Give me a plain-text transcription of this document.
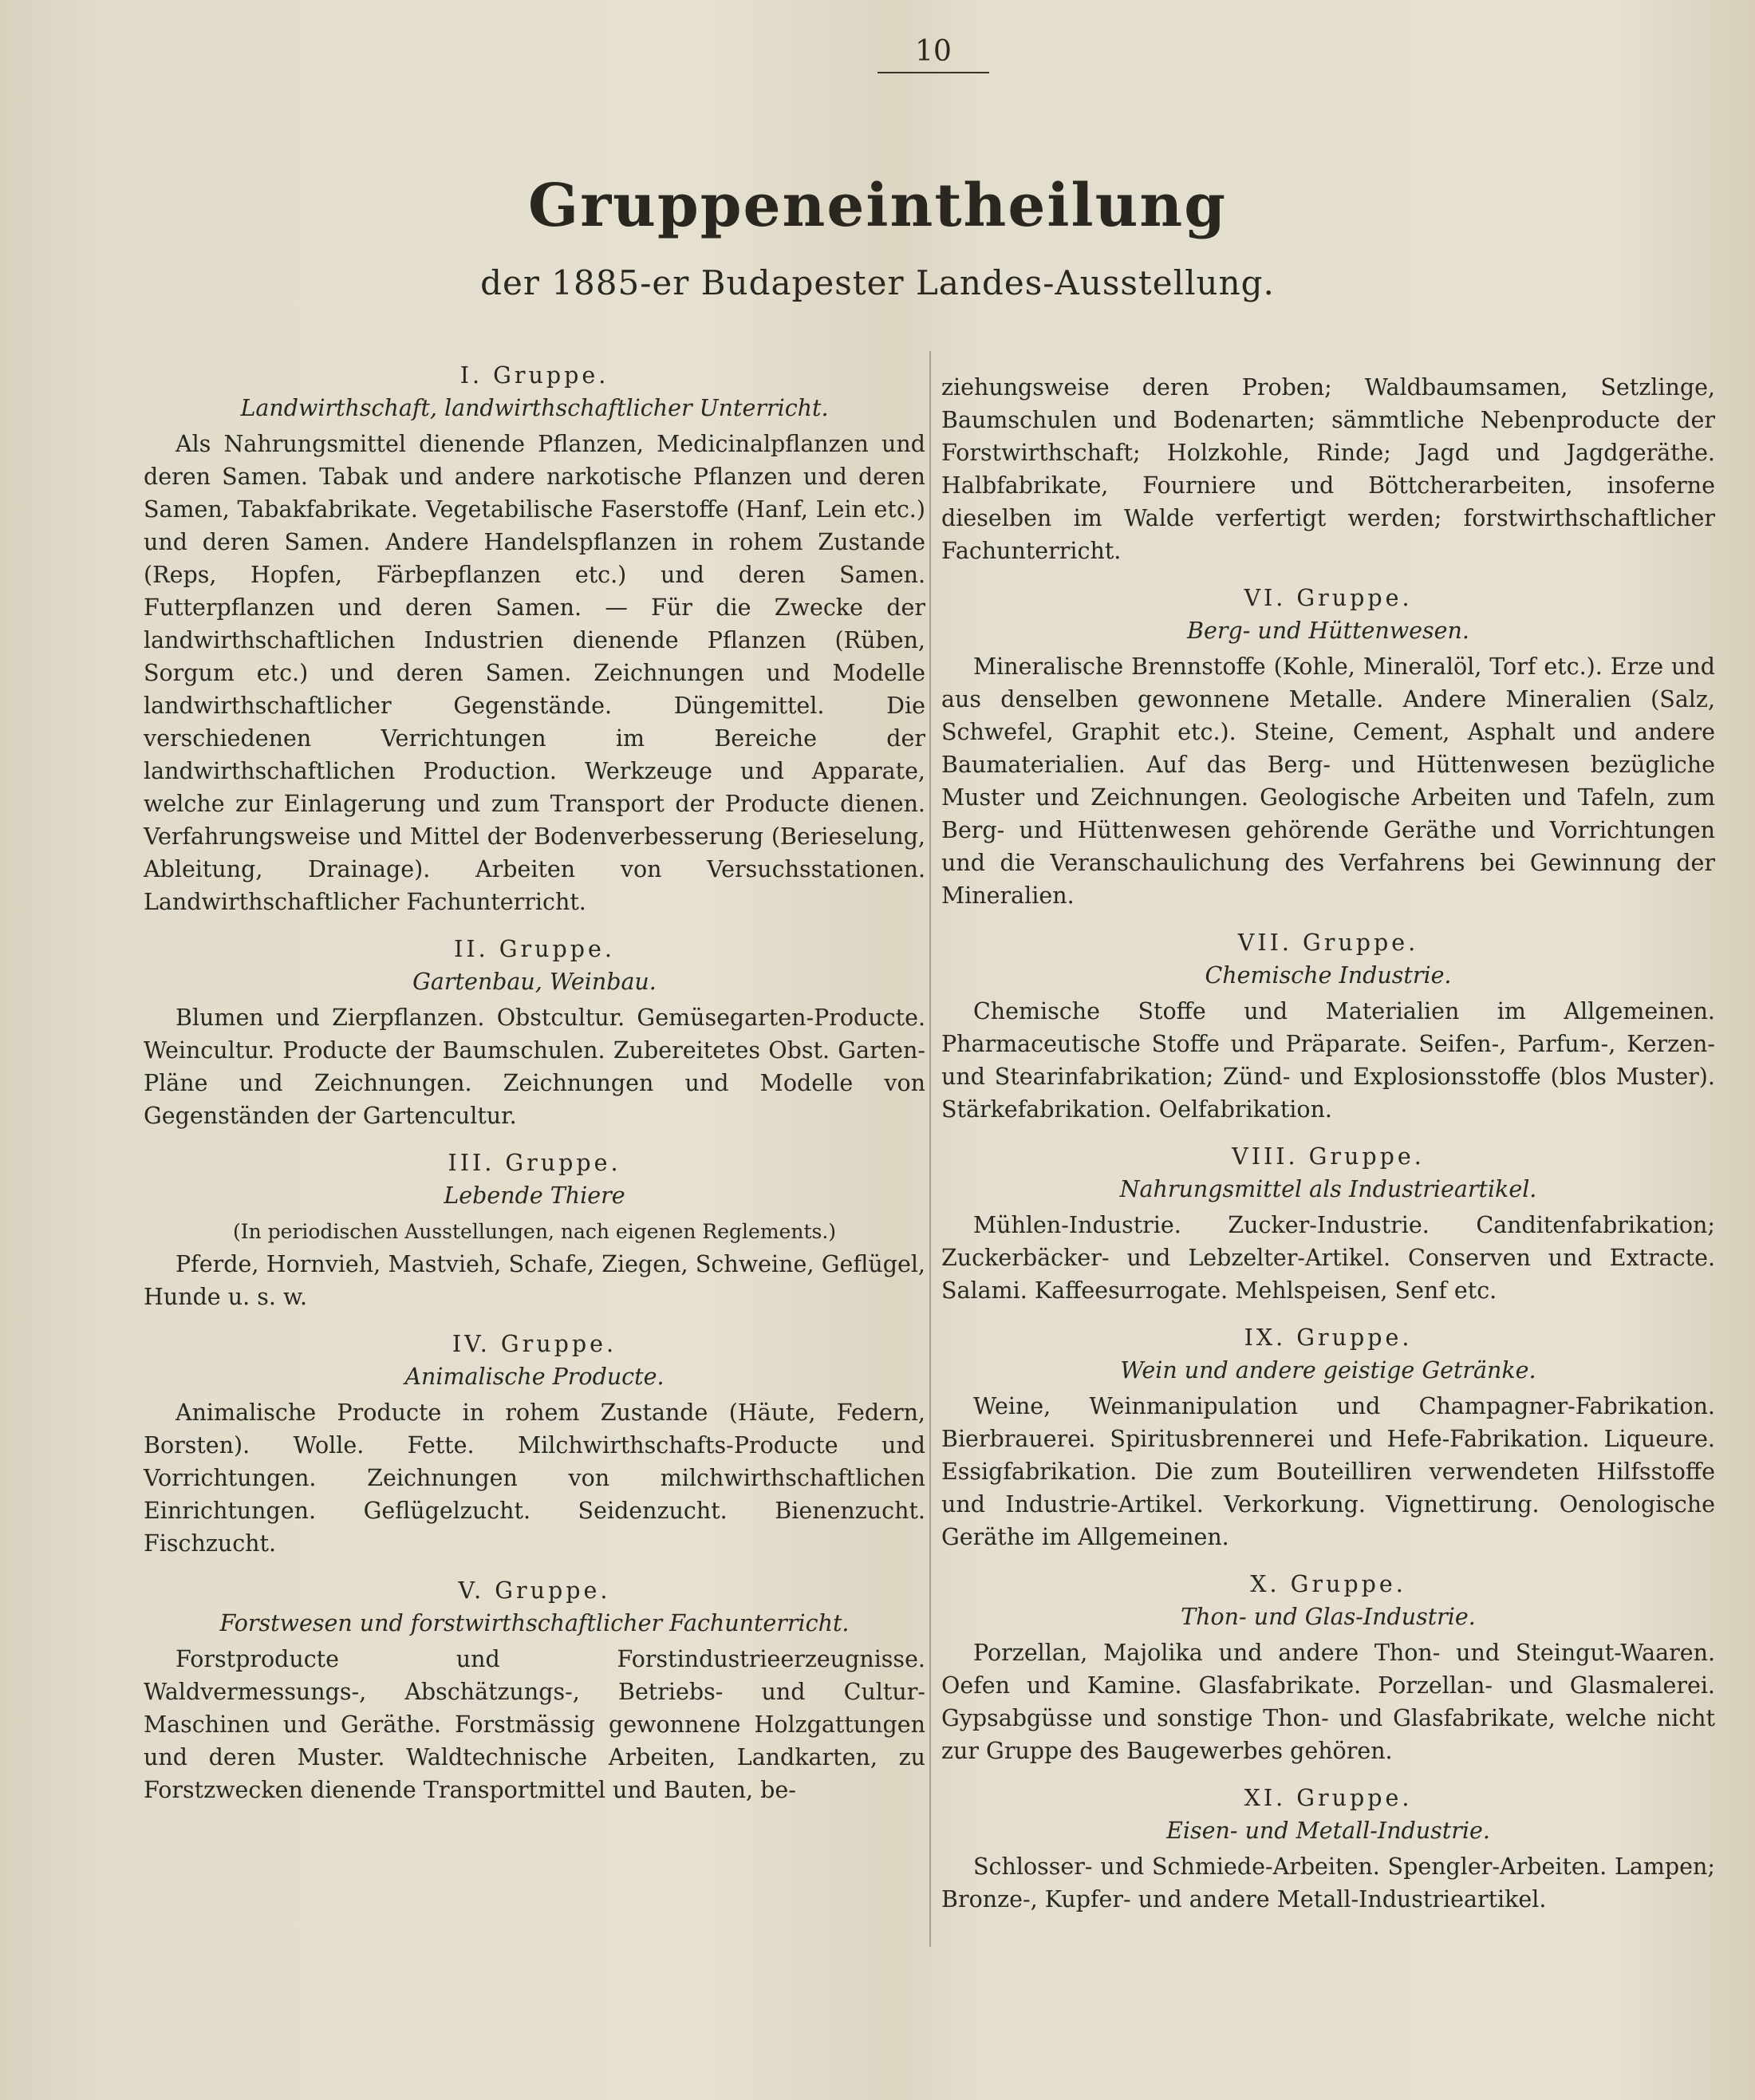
10
Gruppeneintheilung
der 1885-er Budapester Landes-Ausstellung.

I. Gruppe.

Landwirthschaft, landwirthschaftlicher Unterricht.

Als Nahrungsmittel dienende Pflanzen, Medicinalpflanzen und deren Samen. Tabak und andere narkotische Pflanzen und deren Samen, Tabakfabrikate. Vegetabilische Faserstoffe (Hanf, Lein etc.) und deren Samen. Andere Handelspflanzen in rohem Zustande (Reps, Hopfen, Färbepflanzen etc.) und deren Samen. Futterpflanzen und deren Samen. — Für die Zwecke der landwirthschaftlichen Industrien dienende Pflanzen (Rüben, Sorgum etc.) und deren Samen. Zeichnungen und Modelle landwirthschaftlicher Gegenstände. Düngemittel. Die verschiedenen Verrichtungen im Bereiche der landwirthschaftlichen Production. Werkzeuge und Apparate, welche zur Einlagerung und zum Transport der Producte dienen. Verfahrungsweise und Mittel der Bodenverbesserung (Berieselung, Ableitung, Drainage). Arbeiten von Versuchsstationen. Landwirthschaftlicher Fachunterricht.

II. Gruppe.

Gartenbau, Weinbau.

Blumen und Zierpflanzen. Obstcultur. Gemüsegarten-Producte. Weincultur. Producte der Baumschulen. Zubereitetes Obst. Garten-Pläne und Zeichnungen. Zeichnungen und Modelle von Gegenständen der Gartencultur.

III. Gruppe.

Lebende Thiere

(In periodischen Ausstellungen, nach eigenen Reglements.)

Pferde, Hornvieh, Mastvieh, Schafe, Ziegen, Schweine, Geflügel, Hunde u. s. w.

IV. Gruppe.

Animalische Producte.

Animalische Producte in rohem Zustande (Häute, Federn, Borsten). Wolle. Fette. Milchwirthschafts-Producte und Vorrichtungen. Zeichnungen von milchwirthschaftlichen Einrichtungen. Geflügelzucht. Seidenzucht. Bienenzucht. Fischzucht.

V. Gruppe.

Forstwesen und forstwirthschaftlicher Fachunterricht.

Forstproducte und Forstindustrieerzeugnisse. Waldvermessungs-, Abschätzungs-, Betriebs- und Cultur-Maschinen und Geräthe. Forstmässig gewonnene Holzgattungen und deren Muster. Waldtechnische Arbeiten, Landkarten, zu Forstzwecken dienende Transportmittel und Bauten, be-

ziehungsweise deren Proben; Waldbaumsamen, Setzlinge, Baumschulen und Bodenarten; sämmtliche Nebenproducte der Forstwirthschaft; Holzkohle, Rinde; Jagd und Jagdgeräthe. Halbfabrikate, Fourniere und Böttcherarbeiten, insoferne dieselben im Walde verfertigt werden; forstwirthschaftlicher Fachunterricht.

VI. Gruppe.

Berg- und Hüttenwesen.

Mineralische Brennstoffe (Kohle, Mineralöl, Torf etc.). Erze und aus denselben gewonnene Metalle. Andere Mineralien (Salz, Schwefel, Graphit etc.). Steine, Cement, Asphalt und andere Baumaterialien. Auf das Berg- und Hüttenwesen bezügliche Muster und Zeichnungen. Geologische Arbeiten und Tafeln, zum Berg- und Hüttenwesen gehörende Geräthe und Vorrichtungen und die Veranschaulichung des Verfahrens bei Gewinnung der Mineralien.

VII. Gruppe.

Chemische Industrie.

Chemische Stoffe und Materialien im Allgemeinen. Pharmaceutische Stoffe und Präparate. Seifen-, Parfum-, Kerzen- und Stearinfabrikation; Zünd- und Explosionsstoffe (blos Muster). Stärkefabrikation. Oelfabrikation.

VIII. Gruppe.

Nahrungsmittel als Industrieartikel.

Mühlen-Industrie. Zucker-Industrie. Canditenfabrikation; Zuckerbäcker- und Lebzelter-Artikel. Conserven und Extracte. Salami. Kaffeesurrogate. Mehlspeisen, Senf etc.

IX. Gruppe.

Wein und andere geistige Getränke.

Weine, Weinmanipulation und Champagner-Fabrikation. Bierbrauerei. Spiritusbrennerei und Hefe-Fabrikation. Liqueure. Essigfabrikation. Die zum Bouteilliren verwendeten Hilfsstoffe und Industrie-Artikel. Verkorkung. Vignettirung. Oenologische Geräthe im Allgemeinen.

X. Gruppe.

Thon- und Glas-Industrie.

Porzellan, Majolika und andere Thon- und Steingut-Waaren. Oefen und Kamine. Glasfabrikate. Porzellan- und Glasmalerei. Gypsabgüsse und sonstige Thon- und Glasfabrikate, welche nicht zur Gruppe des Baugewerbes gehören.

XI. Gruppe.

Eisen- und Metall-Industrie.

Schlosser- und Schmiede-Arbeiten. Spengler-Arbeiten. Lampen; Bronze-, Kupfer- und andere Metall-Industrieartikel.
